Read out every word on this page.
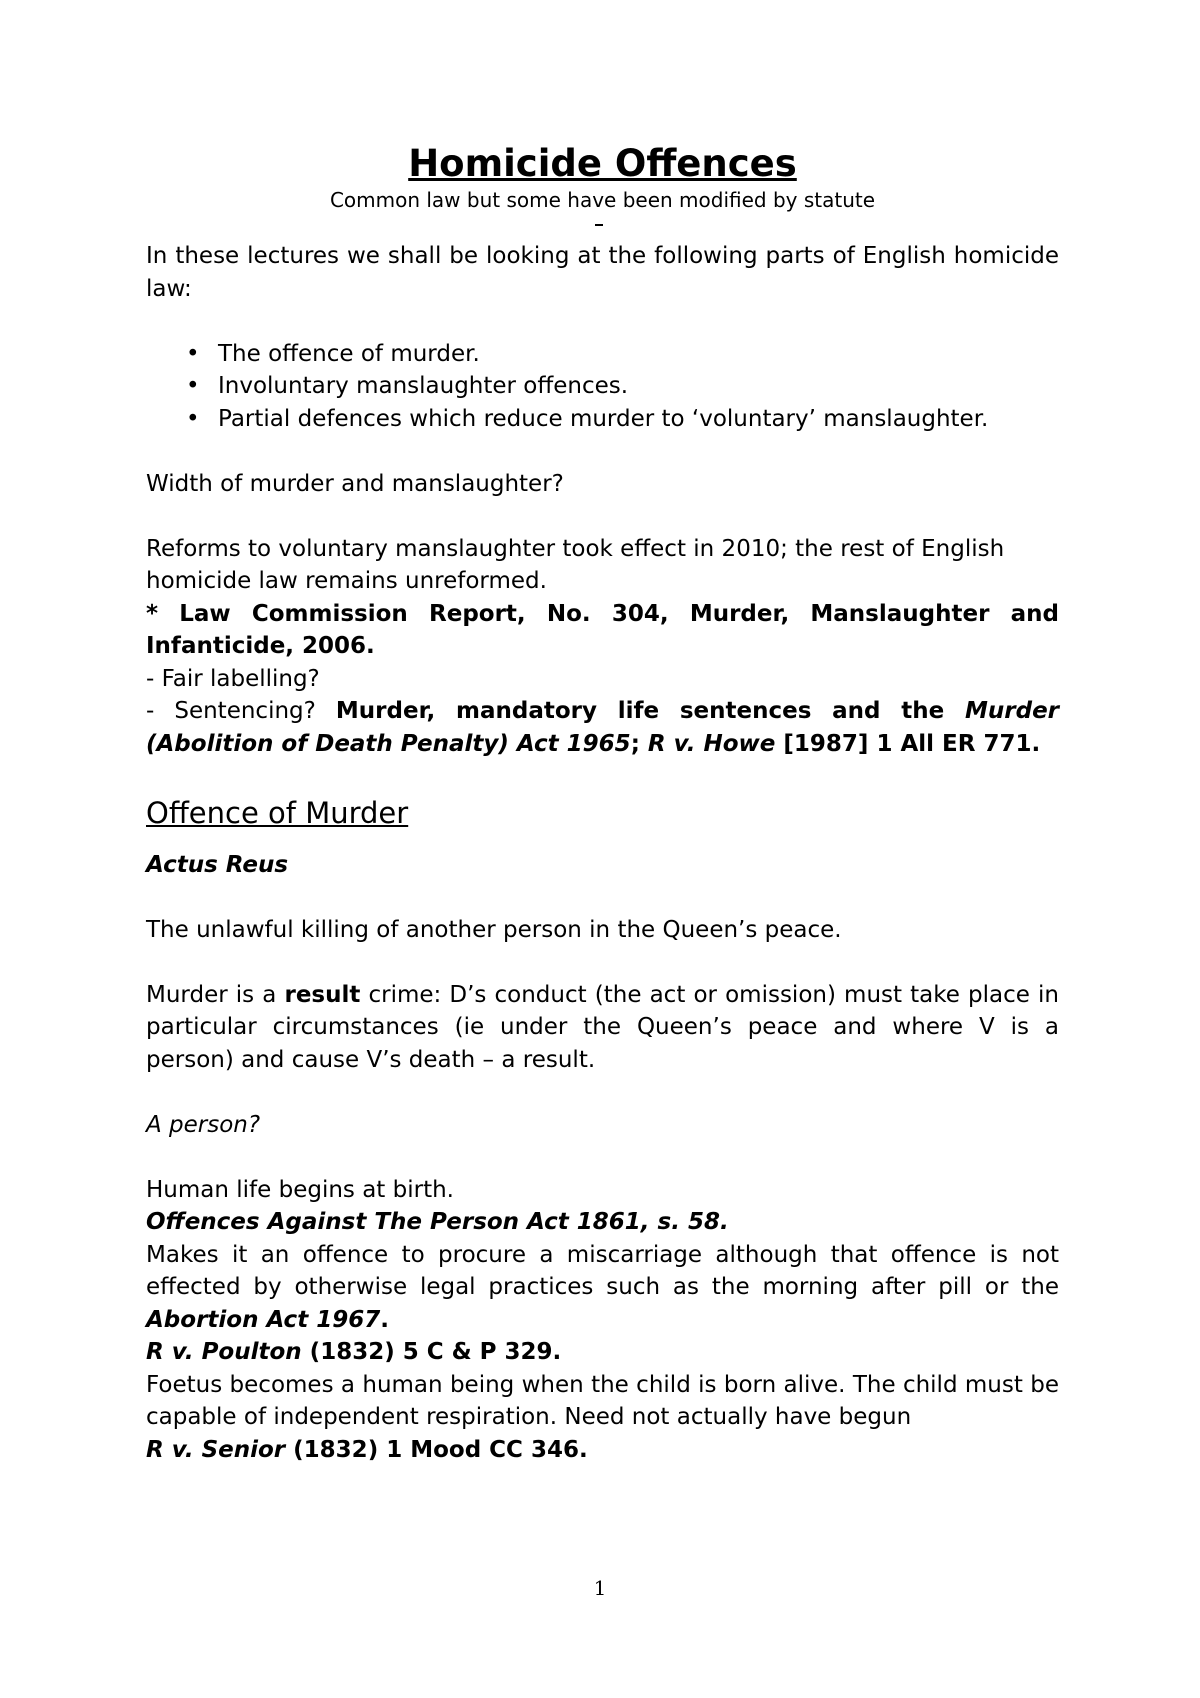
Homicide Offences
Common law but some have been modified by statute

In these lectures we shall be looking at the following parts of English homicide law:

• The offence of murder.
• Involuntary manslaughter offences.
• Partial defences which reduce murder to ‘voluntary’ manslaughter.

Width of murder and manslaughter?

Reforms to voluntary manslaughter took effect in 2010; the rest of English homicide law remains unreformed.

* Law Commission Report, No. 304, Murder, Manslaughter and Infanticide, 2006.

- Fair labelling?

- Sentencing? Murder, mandatory life sentences and the Murder (Abolition of Death Penalty) Act 1965; R v. Howe [1987] 1 All ER 771.

Offence of Murder

Actus Reus

The unlawful killing of another person in the Queen’s peace.

Murder is a result crime: D’s conduct (the act or omission) must take place in particular circumstances (ie under the Queen’s peace and where V is a person) and cause V’s death – a result.

A person?

Human life begins at birth.

Offences Against The Person Act 1861, s. 58.

Makes it an offence to procure a miscarriage although that offence is not effected by otherwise legal practices such as the morning after pill or the Abortion Act 1967.

R v. Poulton (1832) 5 C & P 329.

Foetus becomes a human being when the child is born alive. The child must be capable of independent respiration. Need not actually have begun

R v. Senior (1832) 1 Mood CC 346.

1
